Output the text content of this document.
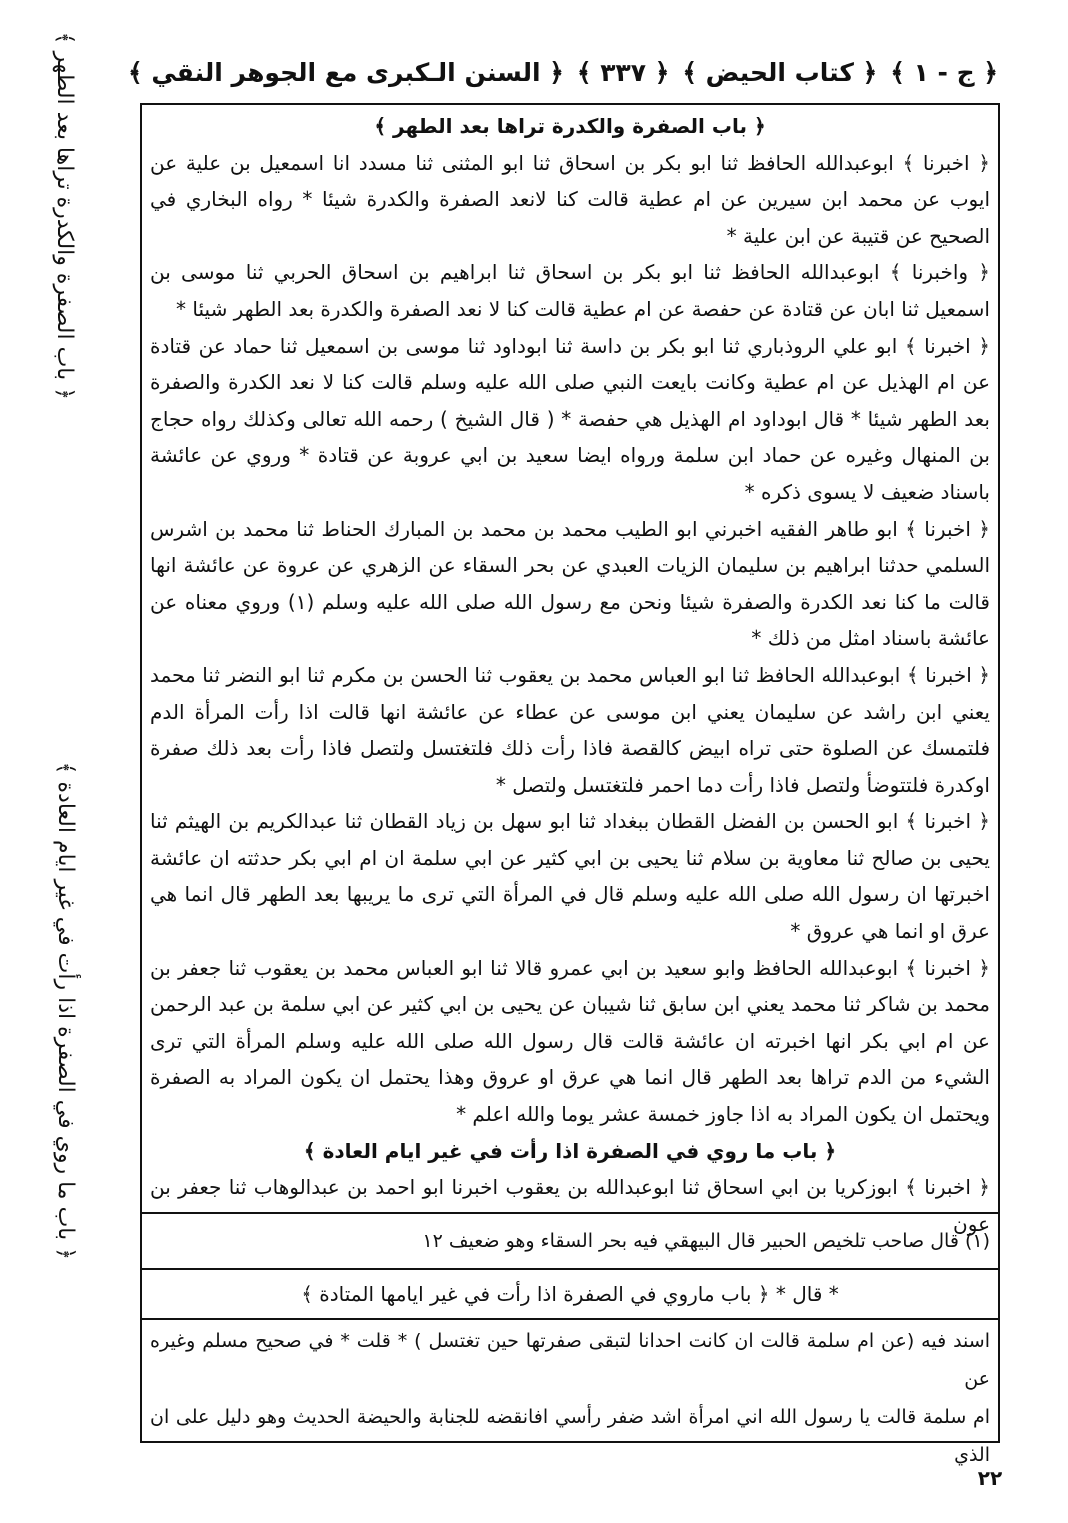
﴿ السنن الـكبرى مع الجوهر النقي ﴾ ﴿ ٣٣٧ ﴾ ﴿ كتاب الحيض ﴾ ﴿ ج - ١ ﴾
﴿ باب الصفرة والكدرة تراها بعد الطهر ﴾
﴿ باب ما روي في الصفرة اذا رأت في غير ايام العادة ﴾

﴿ باب الصفرة والكدرة تراها بعد الطهر ﴾

﴿ اخبرنا ﴾ ابوعبدالله الحافظ ثنا ابو بكر بن اسحاق ثنا ابو المثنى ثنا مسدد انا اسمعيل بن علية عن ايوب عن محمد ابن سيرين عن ام عطية قالت كنا لانعد الصفرة والكدرة شيئا * رواه البخاري في الصحيح عن قتيبة عن ابن علية *

﴿ واخبرنا ﴾ ابوعبدالله الحافظ ثنا ابو بكر بن اسحاق ثنا ابراهيم بن اسحاق الحربي ثنا موسى بن اسمعيل ثنا ابان عن قتادة عن حفصة عن ام عطية قالت كنا لا نعد الصفرة والكدرة بعد الطهر شيئا *

﴿ اخبرنا ﴾ ابو علي الروذباري ثنا ابو بكر بن داسة ثنا ابوداود ثنا موسى بن اسمعيل ثنا حماد عن قتادة عن ام الهذيل عن ام عطية وكانت بايعت النبي صلى الله عليه وسلم قالت كنا لا نعد الكدرة والصفرة بعد الطهر شيئا * قال ابوداود ام الهذيل هي حفصة * ( قال الشيخ ) رحمه الله تعالى وكذلك رواه حجاج بن المنهال وغيره عن حماد ابن سلمة ورواه ايضا سعيد بن ابي عروبة عن قتادة * وروي عن عائشة باسناد ضعيف لا يسوى ذكره *

﴿ اخبرنا ﴾ ابو طاهر الفقيه اخبرني ابو الطيب محمد بن محمد بن المبارك الحناط ثنا محمد بن اشرس السلمي حدثنا ابراهيم بن سليمان الزيات العبدي عن بحر السقاء عن الزهري عن عروة عن عائشة انها قالت ما كنا نعد الكدرة والصفرة شيئا ونحن مع رسول الله صلى الله عليه وسلم (١) وروي معناه عن عائشة باسناد امثل من ذلك *

﴿ اخبرنا ﴾ ابوعبدالله الحافظ ثنا ابو العباس محمد بن يعقوب ثنا الحسن بن مكرم ثنا ابو النضر ثنا محمد يعني ابن راشد عن سليمان يعني ابن موسى عن عطاء عن عائشة انها قالت اذا رأت المرأة الدم فلتمسك عن الصلوة حتى تراه ابيض كالقصة فاذا رأت ذلك فلتغتسل ولتصل فاذا رأت بعد ذلك صفرة اوكدرة فلتتوضأ ولتصل فاذا رأت دما احمر فلتغتسل ولتصل *

﴿ اخبرنا ﴾ ابو الحسن بن الفضل القطان ببغداد ثنا ابو سهل بن زياد القطان ثنا عبدالكريم بن الهيثم ثنا يحيى بن صالح ثنا معاوية بن سلام ثنا يحيى بن ابي كثير عن ابي سلمة ان ام ابي بكر حدثته ان عائشة اخبرتها ان رسول الله صلى الله عليه وسلم قال في المرأة التي ترى ما يريبها بعد الطهر قال انما هي عرق او انما هي عروق *

﴿ اخبرنا ﴾ ابوعبدالله الحافظ وابو سعيد بن ابي عمرو قالا ثنا ابو العباس محمد بن يعقوب ثنا جعفر بن محمد بن شاكر ثنا محمد يعني ابن سابق ثنا شيبان عن يحيى بن ابي كثير عن ابي سلمة بن عبد الرحمن عن ام ابي بكر انها اخبرته ان عائشة قالت قال رسول الله صلى الله عليه وسلم المرأة التي ترى الشيء من الدم تراها بعد الطهر قال انما هي عرق او عروق وهذا يحتمل ان يكون المراد به الصفرة ويحتمل ان يكون المراد به اذا جاوز خمسة عشر يوما والله اعلم *

﴿ باب ما روي في الصفرة اذا رأت في غير ايام العادة ﴾

﴿ اخبرنا ﴾ ابوزكريا بن ابي اسحاق ثنا ابوعبدالله بن يعقوب اخبرنا ابو احمد بن عبدالوهاب ثنا جعفر بن عون

(١) قال صاحب تلخيص الحبير قال البيهقي فيه بحر السقاء وهو ضعيف ١٢
* قال * ﴿ باب ماروي في الصفرة اذا رأت في غير ايامها المتادة ﴾

اسند فيه (عن ام سلمة قالت ان كانت احدانا لتبقى صفرتها حين تغتسل ) * قلت * في صحيح مسلم وغيره عن

ام سلمة قالت يا رسول الله اني امرأة اشد ضفر رأسي افانقضه للجنابة والحيضة الحديث وهو دليل على ان الذي

٢٢
